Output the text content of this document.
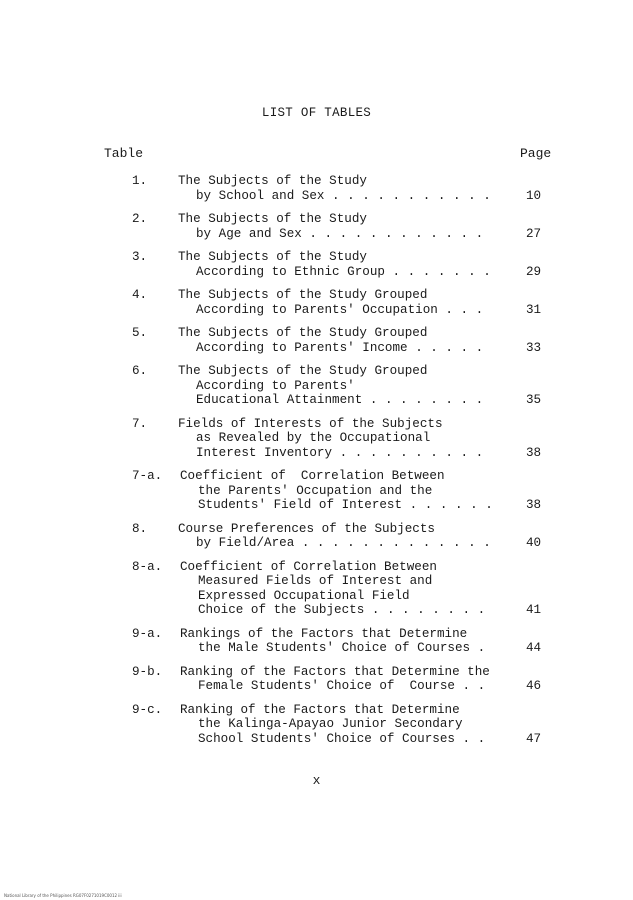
LIST OF TABLES
Table	Page
1. The Subjects of the Study
by School and Sex . . . . . . . . . . .	10
2. The Subjects of the Study
by Age and Sex . . . . . . . . . . . .	27
3. The Subjects of the Study
According to Ethnic Group . . . . . . .	29
4. The Subjects of the Study Grouped
According to Parents' Occupation . . .	31
5. The Subjects of the Study Grouped
According to Parents' Income . . . . .	33
6. The Subjects of the Study Grouped
According to Parents'
Educational Attainment . . . . . . . .	35
7. Fields of Interests of the Subjects
as Revealed by the Occupational
Interest Inventory . . . . . . . . . .	38
7-a. Coefficient of  Correlation Between
the Parents' Occupation and the
Students' Field of Interest . . . . . .	38
8. Course Preferences of the Subjects
by Field/Area . . . . . . . . . . . . .	40
8-a. Coefficient of Correlation Between
Measured Fields of Interest and
Expressed Occupational Field
Choice of the Subjects . . . . . . . .	41
9-a. Rankings of the Factors that Determine
the Male Students' Choice of Courses .	44
9-b. Ranking of the Factors that Determine the
Female Students' Choice of  Course . .	46
9-c. Ranking of the Factors that Determine
the Kalinga-Apayao Junior Secondary
School Students' Choice of Courses . .	47
x
National Library of the Philippines RG07F0271019C0012 iii
